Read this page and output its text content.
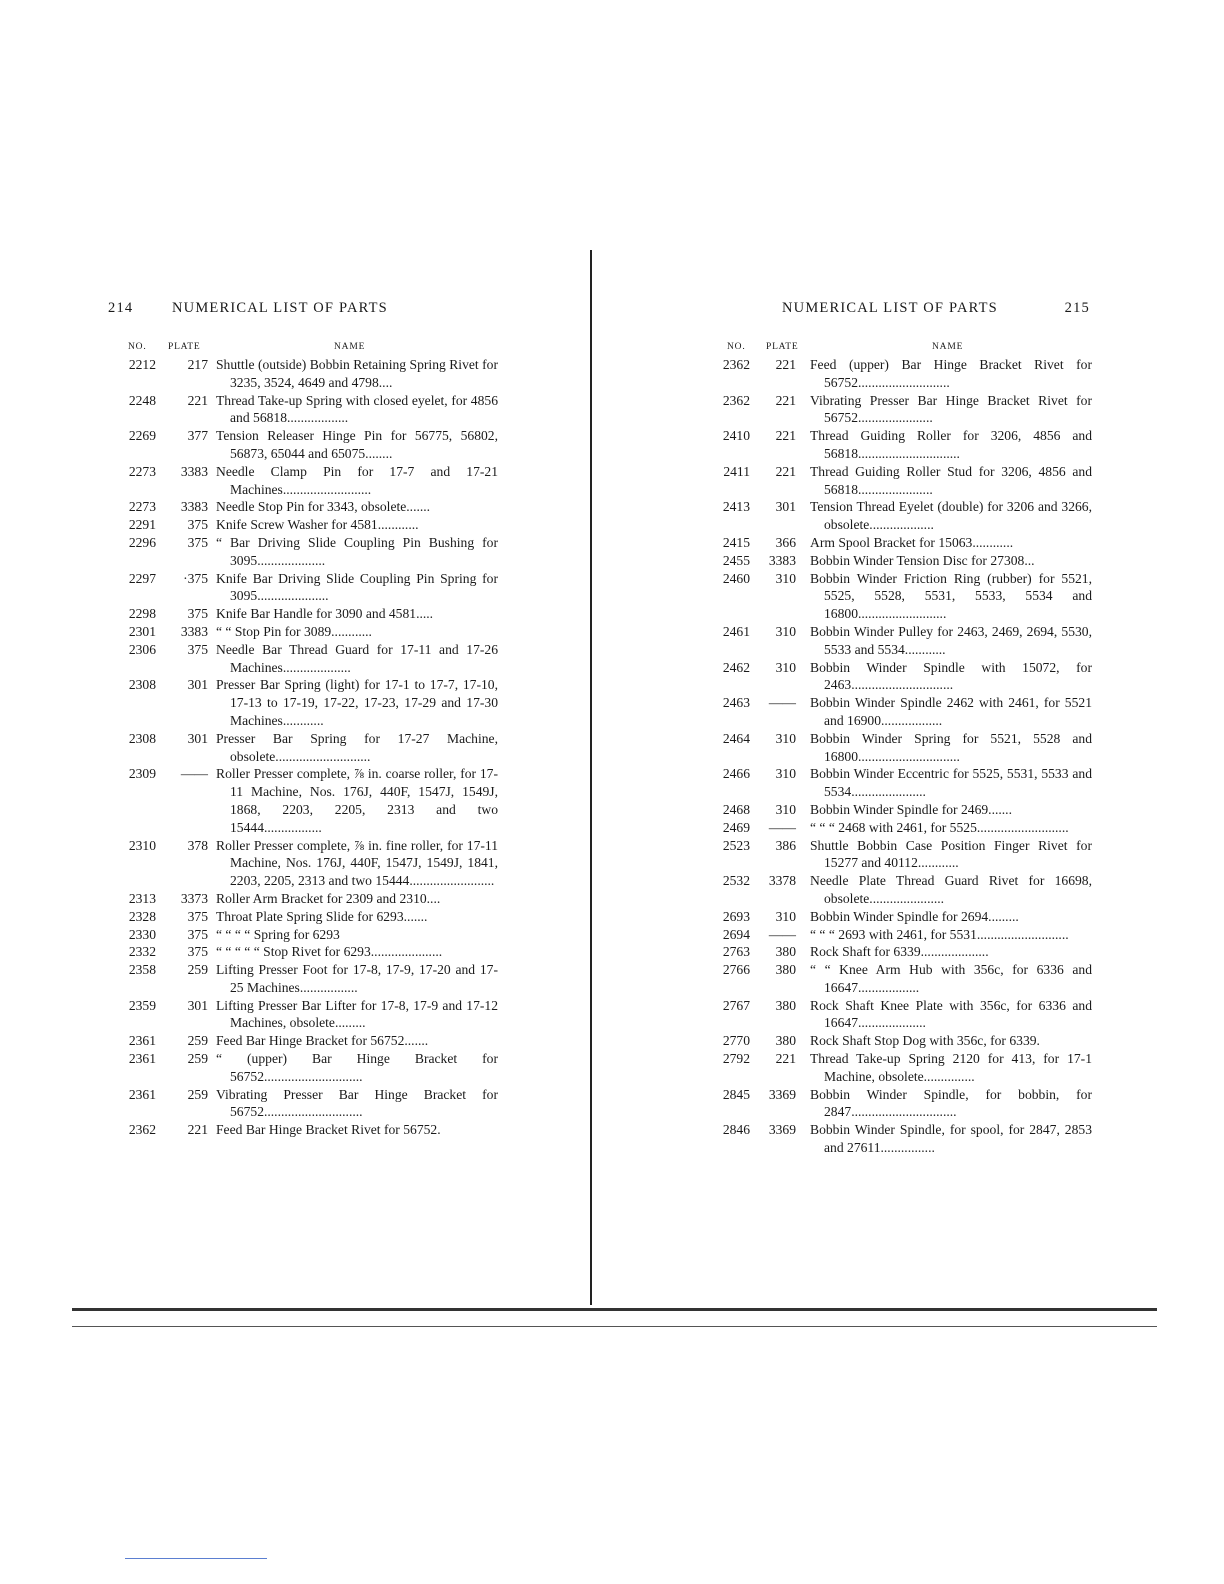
214	NUMERICAL LIST OF PARTS
NO. PLATE	NAME
2212	217 Shuttle (outside) Bobbin Retaining Spring Rivet for 3235, 3524, 4649 and 4798....
2248	221 Thread Take-up Spring with closed eyelet, for 4856 and 56818..................
2269	377 Tension Releaser Hinge Pin for 56775, 56802, 56873, 65044 and 65075........
2273	3383 Needle Clamp Pin for 17-7 and 17-21 Machines..........................
2273	3383 Needle Stop Pin for 3343, obsolete.......
2291	375 Knife Screw Washer for 4581............
2296	375 “ Bar Driving Slide Coupling Pin Bushing for 3095....................
2297	·375 Knife Bar Driving Slide Coupling Pin Spring for 3095.....................
2298	375 Knife Bar Handle for 3090 and 4581.....
2301	3383 “ “ Stop Pin for 3089............
2306	375 Needle Bar Thread Guard for 17-11 and 17-26 Machines....................
2308	301 Presser Bar Spring (light) for 17-1 to 17-7, 17-10, 17-13 to 17-19, 17-22, 17-23, 17-29 and 17-30 Machines............
2308	301 Presser Bar Spring for 17-27 Machine, obsolete............................
2309	—— Roller Presser complete, ⅞ in. coarse roller, for 17-11 Machine, Nos. 176J, 440F, 1547J, 1549J, 1868, 2203, 2205, 2313 and two 15444.................
2310	378 Roller Presser complete, ⅞ in. fine roller, for 17-11 Machine, Nos. 176J, 440F, 1547J, 1549J, 1841, 2203, 2205, 2313 and two 15444.........................
2313	3373 Roller Arm Bracket for 2309 and 2310....
2328	375 Throat Plate Spring Slide for 6293.......
2330	375 “ “ “ “ Spring for 6293
2332	375 “ “ “ “ “ Stop Rivet for 6293.....................
2358	259 Lifting Presser Foot for 17-8, 17-9, 17-20 and 17-25 Machines.................
2359	301 Lifting Presser Bar Lifter for 17-8, 17-9 and 17-12 Machines, obsolete.........
2361	259 Feed Bar Hinge Bracket for 56752.......
2361	259 “ (upper) Bar Hinge Bracket for 56752.............................
2361	259 Vibrating Presser Bar Hinge Bracket for 56752.............................
2362	221 Feed Bar Hinge Bracket Rivet for 56752.
NUMERICAL LIST OF PARTS	215
NO. PLATE	NAME
2362	221 Feed (upper) Bar Hinge Bracket Rivet for 56752...........................
2362	221 Vibrating Presser Bar Hinge Bracket Rivet for 56752......................
2410	221 Thread Guiding Roller for 3206, 4856 and 56818..............................
2411	221 Thread Guiding Roller Stud for 3206, 4856 and 56818......................
2413	301 Tension Thread Eyelet (double) for 3206 and 3266, obsolete...................
2415	366 Arm Spool Bracket for 15063............
2455	3383 Bobbin Winder Tension Disc for 27308...
2460	310 Bobbin Winder Friction Ring (rubber) for 5521, 5525, 5528, 5531, 5533, 5534 and 16800..........................
2461	310 Bobbin Winder Pulley for 2463, 2469, 2694, 5530, 5533 and 5534............
2462	310 Bobbin Winder Spindle with 15072, for 2463..............................
2463	—— Bobbin Winder Spindle 2462 with 2461, for 5521 and 16900..................
2464	310 Bobbin Winder Spring for 5521, 5528 and 16800..............................
2466	310 Bobbin Winder Eccentric for 5525, 5531, 5533 and 5534......................
2468	310 Bobbin Winder Spindle for 2469.......
2469	—— “ “ “ 2468 with 2461, for 5525...........................
2523	386 Shuttle Bobbin Case Position Finger Rivet for 15277 and 40112............
2532	3378 Needle Plate Thread Guard Rivet for 16698, obsolete......................
2693	310 Bobbin Winder Spindle for 2694.........
2694	—— “ “ “ 2693 with 2461, for 5531...........................
2763	380 Rock Shaft for 6339....................
2766	380 “ “ Knee Arm Hub with 356c, for 6336 and 16647..................
2767	380 Rock Shaft Knee Plate with 356c, for 6336 and 16647....................
2770	380 Rock Shaft Stop Dog with 356c, for 6339.
2792	221 Thread Take-up Spring 2120 for 413, for 17-1 Machine, obsolete...............
2845	3369 Bobbin Winder Spindle, for bobbin, for 2847...............................
2846	3369 Bobbin Winder Spindle, for spool, for 2847, 2853 and 27611................
